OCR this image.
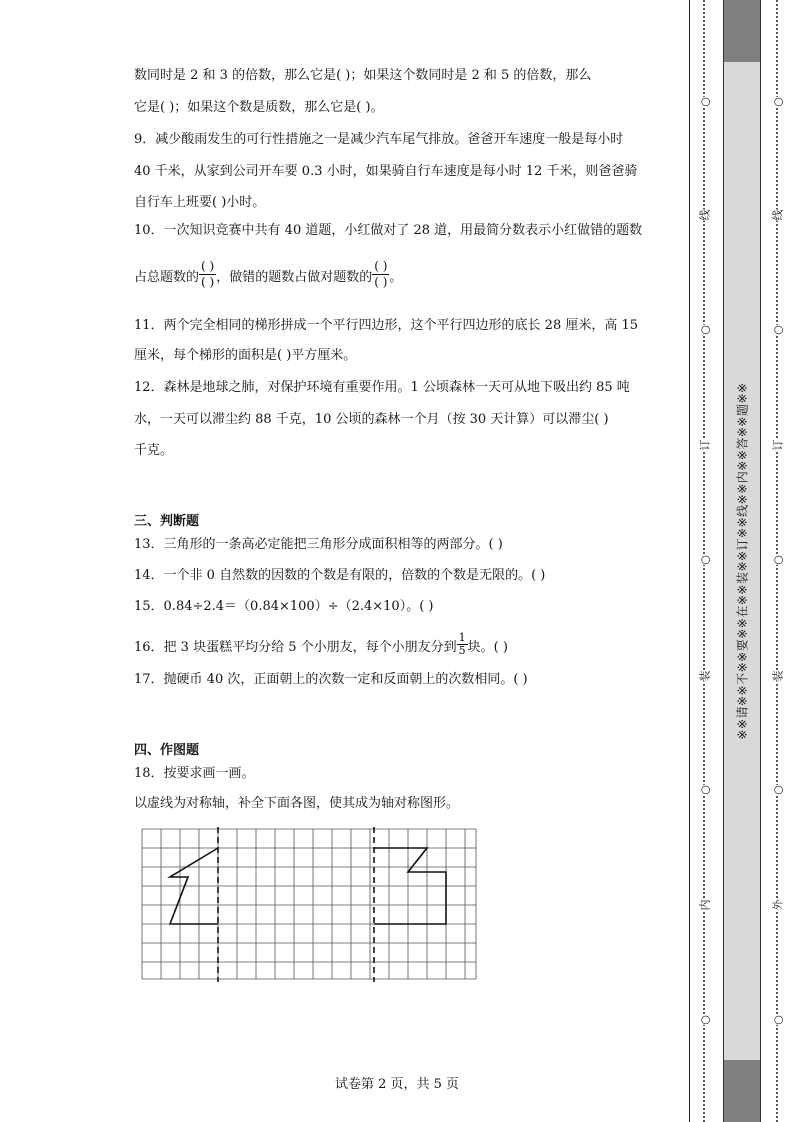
数同时是 2 和 3 的倍数，那么它是( )；如果这个数同时是 2 和 5 的倍数，那么
它是( )；如果这个数是质数，那么它是( )。
9．减少酸雨发生的可行性措施之一是减少汽车尾气排放。爸爸开车速度一般是每小时
40 千米，从家到公司开车要 0.3 小时，如果骑自行车速度是每小时 12 千米，则爸爸骑
自行车上班要( )小时。
10．一次知识竞赛中共有 40 道题，小红做对了 28 道，用最简分数表示小红做错的题数
占总题数的 $\frac{( )}{( )}$ ，做错的题数占做对题数的 $\frac{( )}{( )}$ 。
11．两个完全相同的梯形拼成一个平行四边形，这个平行四边形的底长 28 厘米，高 15
厘米，每个梯形的面积是( )平方厘米。
12．森林是地球之肺，对保护环境有重要作用。1 公顷森林一天可从地下吸出约 85 吨
水，一天可以滞尘约 88 千克，10 公顷的森林一个月（按 30 天计算）可以滞尘( )
千克。
三、判断题
13．三角形的一条高必定能把三角形分成面积相等的两部分。( )
14．一个非 0 自然数的因数的个数是有限的，倍数的个数是无限的。( )
15．0.84÷2.4＝（0.84×100）÷（2.4×10）。( )
16．把 3 块蛋糕平均分给 5 个小朋友，每个小朋友分到 $\frac{1}{5}$ 块。( )
17．抛硬币 40 次，正面朝上的次数一定和反面朝上的次数相同。( )
四、作图题
18．按要求画一画。
以虚线为对称轴，补全下面各图，使其成为轴对称图形。
试卷第 2 页，共 5 页
※※请※※不※※要※※在※※装※※订※※线※※内※※答※※题※※
○
线
○
订
○
装
○
内
○
○
线
○
订
○
装
○
外
○
